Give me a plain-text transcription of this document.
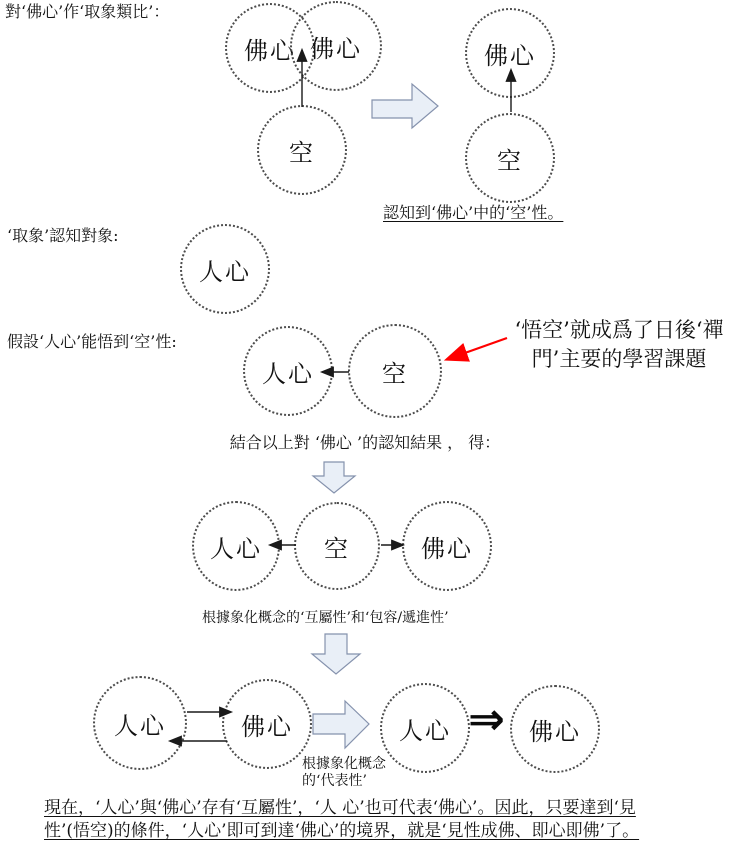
對‘佛心’作‘取象類比’：
佛心 佛心
空
佛心
空
認知到‘佛心’中的‘空’性。
‘取象’認知對象:
人心
假設‘人心’能悟到‘空’性:
人心	空
‘悟空’就成爲了日後‘禪
門’主要的學習課題
結合以上對 ‘佛心 ’的認知結果 ， 得：
人心	空	佛心
根據象化概念的‘互屬性’和‘包容/遞進性’
人心	佛心	人心 ⇒ 佛心
根據象化概念
的‘代表性’
現在，‘人心’與‘佛心’存有‘互屬性’，‘人 心’也可代表‘佛心’。因此，只要達到‘見
性’(悟空)的條件，‘人心’即可到達‘佛心’的境界，就是‘見性成佛、即心即佛’了。
